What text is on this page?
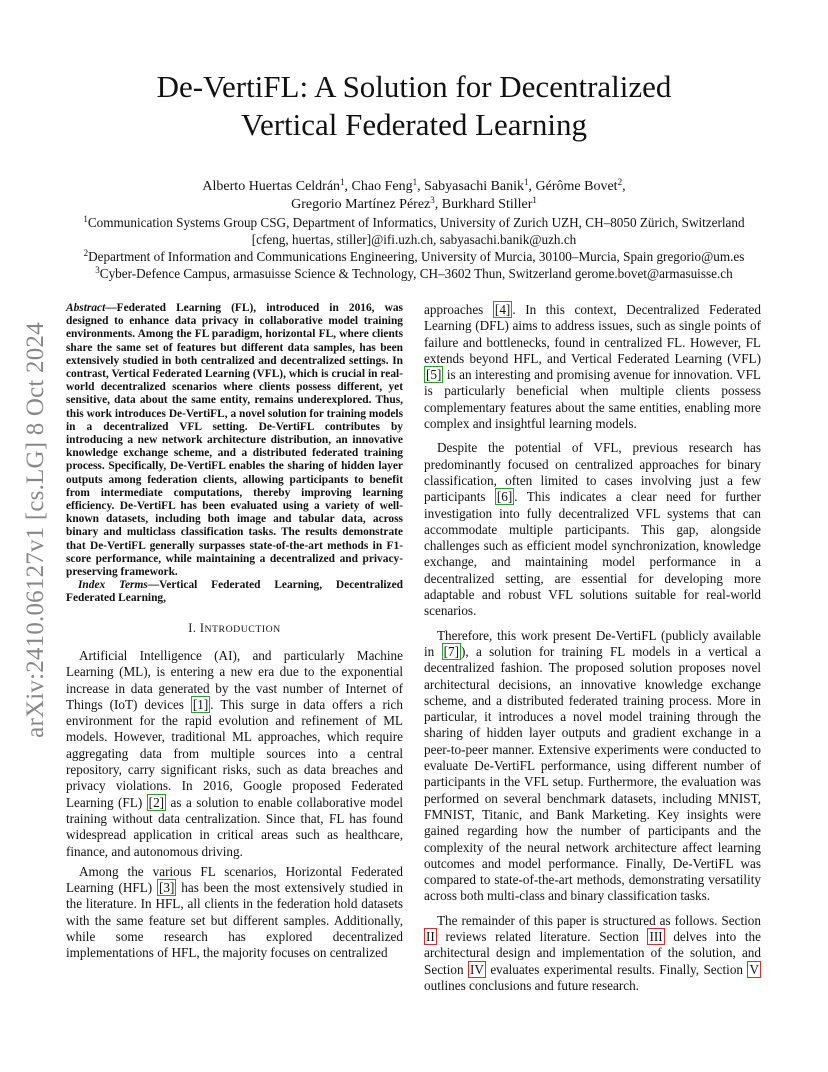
arXiv:2410.06127v1 [cs.LG] 8 Oct 2024
De-VertiFL: A Solution for Decentralized
Vertical Federated Learning
Alberto Huertas Celdrán$^1$, Chao Feng$^1$, Sabyasachi Banik$^1$, Gérôme Bovet$^2$,
Gregorio Martínez Pérez$^3$, Burkhard Stiller$^1$
$^1$Communication Systems Group CSG, Department of Informatics, University of Zurich UZH, CH–8050 Zürich, Switzerland
[cfeng, huertas, stiller]@ifi.uzh.ch, sabyasachi.banik@uzh.ch
$^2$Department of Information and Communications Engineering, University of Murcia, 30100–Murcia, Spain gregorio@um.es
$^3$Cyber-Defence Campus, armasuisse Science & Technology, CH–3602 Thun, Switzerland gerome.bovet@armasuisse.ch

Abstract—Federated Learning (FL), introduced in 2016, was designed to enhance data privacy in collaborative model training environments. Among the FL paradigm, horizontal FL, where clients share the same set of features but different data samples, has been extensively studied in both centralized and decentralized settings. In contrast, Vertical Federated Learning (VFL), which is crucial in real-world decentralized scenarios where clients possess different, yet sensitive, data about the same entity, remains underexplored. Thus, this work introduces De-VertiFL, a novel solution for training models in a decentralized VFL setting. De-VertiFL contributes by introducing a new network architecture distribution, an innovative knowledge exchange scheme, and a distributed federated training process. Specifically, De-VertiFL enables the sharing of hidden layer outputs among federation clients, allowing participants to benefit from intermediate computations, thereby improving learning efficiency. De-VertiFL has been evaluated using a variety of well-known datasets, including both image and tabular data, across binary and multiclass classification tasks. The results demonstrate that De-VertiFL generally surpasses state-of-the-art methods in F1-score performance, while maintaining a decentralized and privacy-preserving framework.

Index Terms—Vertical Federated Learning, Decentralized Federated Learning,

I. INTRODUCTION

Artificial Intelligence (AI), and particularly Machine Learning (ML), is entering a new era due to the exponential increase in data generated by the vast number of Internet of Things (IoT) devices [1] . This surge in data offers a rich environment for the rapid evolution and refinement of ML models. However, traditional ML approaches, which require aggregating data from multiple sources into a central repository, carry significant risks, such as data breaches and privacy violations. In 2016, Google proposed Federated Learning (FL) [2] as a solution to enable collaborative model training without data centralization. Since that, FL has found widespread application in critical areas such as healthcare, finance, and autonomous driving.

Among the various FL scenarios, Horizontal Federated Learning (HFL) [3] has been the most extensively studied in the literature. In HFL, all clients in the federation hold datasets with the same feature set but different samples. Additionally, while some research has explored decentralized implementations of HFL, the majority focuses on centralized

approaches [4] . In this context, Decentralized Federated Learning (DFL) aims to address issues, such as single points of failure and bottlenecks, found in centralized FL. However, FL extends beyond HFL, and Vertical Federated Learning (VFL) [5] is an interesting and promising avenue for innovation. VFL is particularly beneficial when multiple clients possess complementary features about the same entities, enabling more complex and insightful learning models.

Despite the potential of VFL, previous research has predominantly focused on centralized approaches for binary classification, often limited to cases involving just a few participants [6] . This indicates a clear need for further investigation into fully decentralized VFL systems that can accommodate multiple participants. This gap, alongside challenges such as efficient model synchronization, knowledge exchange, and maintaining model performance in a decentralized setting, are essential for developing more adaptable and robust VFL solutions suitable for real-world scenarios.

Therefore, this work present De-VertiFL (publicly available in [7] ), a solution for training FL models in a vertical a decentralized fashion. The proposed solution proposes novel architectural decisions, an innovative knowledge exchange scheme, and a distributed federated training process. More in particular, it introduces a novel model training through the sharing of hidden layer outputs and gradient exchange in a peer-to-peer manner. Extensive experiments were conducted to evaluate De-VertiFL performance, using different number of participants in the VFL setup. Furthermore, the evaluation was performed on several benchmark datasets, including MNIST, FMNIST, Titanic, and Bank Marketing. Key insights were gained regarding how the number of participants and the complexity of the neural network architecture affect learning outcomes and model performance. Finally, De-VertiFL was compared to state-of-the-art methods, demonstrating versatility across both multi-class and binary classification tasks.

The remainder of this paper is structured as follows. Section II reviews related literature. Section III delves into the architectural design and implementation of the solution, and Section IV evaluates experimental results. Finally, Section V outlines conclusions and future research.
